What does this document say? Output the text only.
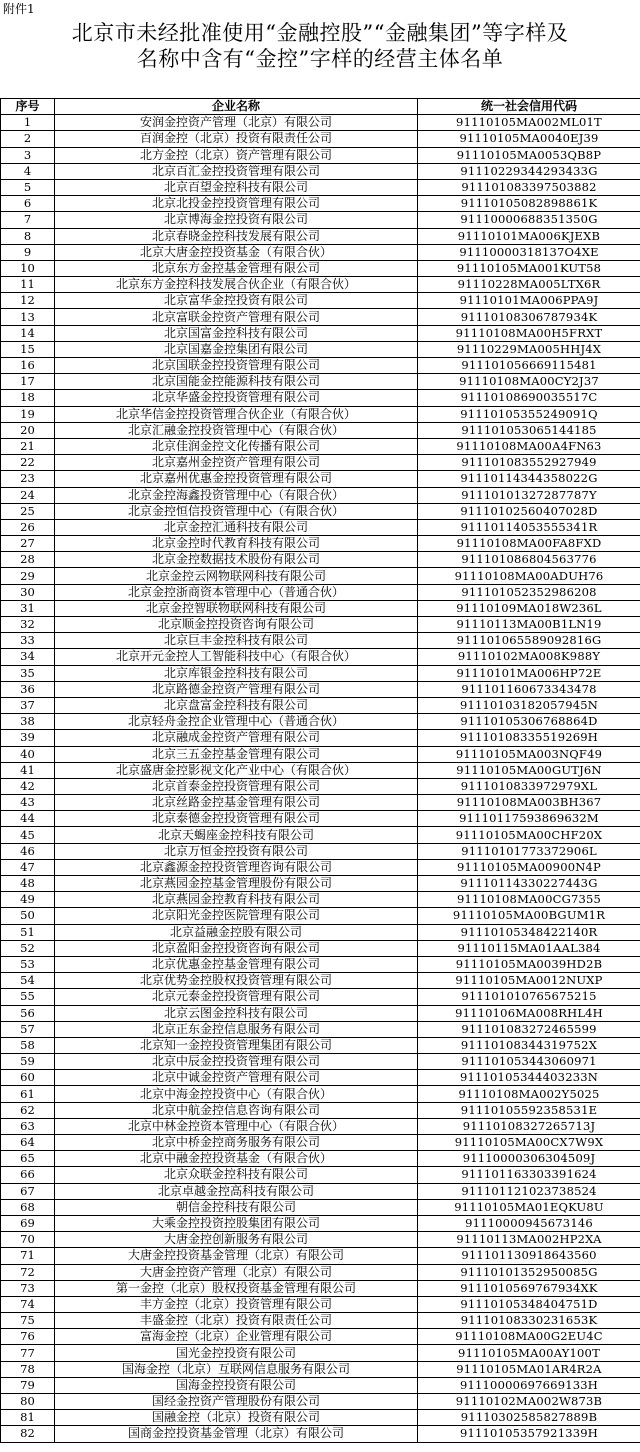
附件1
北京市未经批准使用“金融控股”“金融集团”等字样及
名称中含有“金控”字样的经营主体名单
序号	企业名称	统一社会信用代码
1	安润金控资产管理（北京）有限公司	91110105MA002ML01T
2	百润金控（北京）投资有限责任公司	91110105MA0040EJ39
3	北方金控（北京）资产管理有限公司	91110105MA0053QB8P
4	北京百汇金控投资管理有限公司	91110229344293433G
5	北京百望金控科技有限公司	911101083397503882
6	北京北投金控投资管理有限公司	91110105082898861K
7	北京博海金控投资有限公司	91110000688351350G
8	北京春晓金控科技发展有限公司	91110101MA006KJEXB
9	北京大唐金控投资基金（有限合伙）	91110000318137O4XE
10	北京东方金控基金管理有限公司	91110105MA001KUT58
11	北京东方金控科技发展合伙企业（有限合伙）	91110228MA005LTX6R
12	北京富华金控投资有限公司	91110101MA006PPA9J
13	北京富联金控资产管理有限公司	91110108306787934K
14	北京国富金控科技有限公司	91110108MA00H5FRXT
15	北京国嘉金控集团有限公司	91110229MA005HHJ4X
16	北京国联金控投资管理有限公司	911101056669115481
17	北京国能金控能源科技有限公司	91110108MA00CY2J37
18	北京华盛金控投资管理有限公司	91110108690035517C
19	北京华信金控投资管理合伙企业（有限合伙）	91110105355249091Q
20	北京汇融金控投资管理中心（有限合伙）	911101053065144185
21	北京佳润金控文化传播有限公司	91110108MA00A4FN63
22	北京嘉州金控资产管理有限公司	911101083552927949
23	北京嘉州优惠金控投资管理有限公司	91110114344358022G
24	北京金控海鑫投资管理中心（有限合伙）	91110101327287787Y
25	北京金控恒信投资管理中心（有限合伙）	91110102560407028D
26	北京金控汇通科技有限公司	91110114053555341R
27	北京金控时代教育科技有限公司	91110108MA00FA8FXD
28	北京金控数据技术股份有限公司	911101086804563776
29	北京金控云网物联网科技有限公司	91110108MA00ADUH76
30	北京金控浙商资本管理中心（普通合伙）	911101052352986208
31	北京金控智联物联网科技有限公司	91110109MA018W236L
32	北京顺金控投资咨询有限公司	91110113MA00B1LN19
33	北京巨丰金控科技有限公司	911101065589092816G
34	北京开元金控人工智能科技中心（有限合伙）	91110102MA008K988Y
35	北京库银金控科技有限公司	91110101MA006HP72E
36	北京路德金控资产管理有限公司	911101160673343478
37	北京盘富金控科技有限公司	91110103182057945N
38	北京轻舟金控企业管理中心（普通合伙）	91110105306768864D
39	北京融成金控资产管理有限公司	91110108335519269H
40	北京三五金控基金管理有限公司	91110105MA003NQF49
41	北京盛唐金控影视文化产业中心（有限合伙）	91110105MA00GUTJ6N
42	北京首泰金控投资管理有限公司	9111010833972979XL
43	北京丝路金控基金管理有限公司	91110108MA003BH367
44	北京泰德金控投资管理有限公司	91110117593869632M
45	北京天蝎座金控科技有限公司	91110105MA00CHF20X
46	北京万恒金控投资有限公司	91110101773372906L
47	北京鑫源金控投资管理咨询有限公司	91110105MA00900N4P
48	北京燕园金控基金管理股份有限公司	91110114330227443G
49	北京燕园金控教育科技有限公司	91110108MA00CG7355
50	北京阳光金控医院管理有限公司	91110105MA00BGUM1R
51	北京益融金控股有限公司	91110105348422140R
52	北京盈阳金控投资咨询有限公司	91110115MA01AAL384
53	北京优惠金控基金管理有限公司	91110105MA0039HD2B
54	北京优势金控股权投资管理有限公司	91110105MA0012NUXP
55	北京元泰金控投资管理有限公司	911101010765675215
56	北京云图金控科技有限公司	91110106MA008RHL4H
57	北京正东金控信息服务有限公司	911101083272465599
58	北京知一金控投资管理集团有限公司	91110108344319752X
59	北京中辰金控投资管理有限公司	911101053443060971
60	北京中诚金控资产管理有限公司	91110105344403233N
61	北京中海金控投资中心（有限合伙）	91110108MA002Y5025
62	北京中航金控信息咨询有限公司	91110105592358531E
63	北京中林金控资本管理中心（有限合伙）	91110108327265713J
64	北京中桥金控商务服务有限公司	91110105MA00CX7W9X
65	北京中融金控投资基金（有限合伙）	91110000306304509J
66	北京众联金控科技有限公司	911101163303391624
67	北京卓越金控高科技有限公司	911101121023738524
68	朝信金控科技有限公司	91110105MA01EQKU8U
69	大乘金控投资控股集团有限公司	91110000945673146
70	大唐金控创新服务有限公司	91110113MA002HP2XA
71	大唐金控投资基金管理（北京）有限公司	911101130918643560
72	大唐金控资产管理（北京）有限公司	91110101352950085G
73	第一金控（北京）股权投资基金管理有限公司	9111010569767934XK
74	丰方金控（北京）投资管理有限公司	91110105348404751D
75	丰盛金控（北京）投资有限责任公司	91110108330231653K
76	富海金控（北京）企业管理有限公司	91110108MA00G2EU4C
77	国光金控投资有限公司	91110105MA00AY100T
78	国海金控（北京）互联网信息服务有限公司	91110105MA01AR4R2A
79	国海金控投资有限公司	91110000697669133H
80	国经金控资产管理股份有限公司	91110102MA002W873B
81	国融金控（北京）投资有限公司	91110302585827889B
82	国商金控投资基金管理（北京）有限公司	91110105357921339H
